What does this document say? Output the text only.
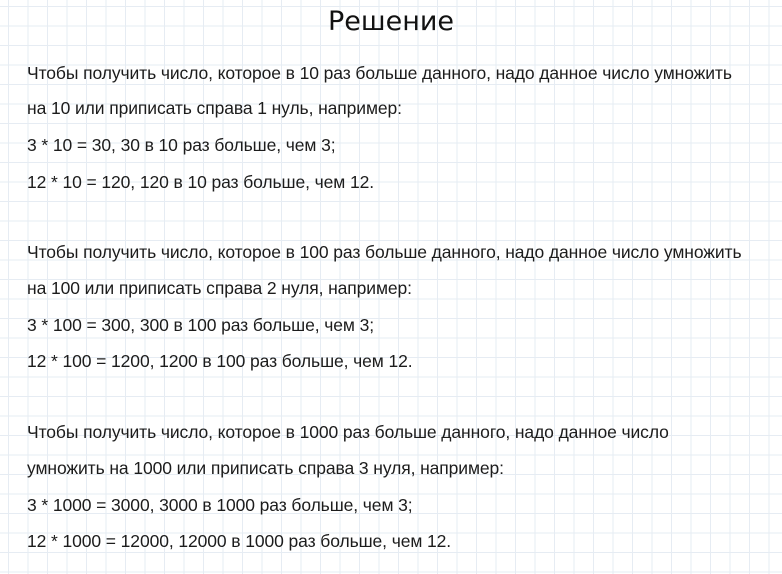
Решение
Чтобы получить число, которое в 10 раз больше данного, надо данное число умножить
на 10 или приписать справа 1 нуль, например:
3 * 10 = 30, 30 в 10 раз больше, чем 3;
12 * 10 = 120, 120 в 10 раз больше, чем 12.
Чтобы получить число, которое в 100 раз больше данного, надо данное число умножить
на 100 или приписать справа 2 нуля, например:
3 * 100 = 300, 300 в 100 раз больше, чем 3;
12 * 100 = 1200, 1200 в 100 раз больше, чем 12.
Чтобы получить число, которое в 1000 раз больше данного, надо данное число
умножить на 1000 или приписать справа 3 нуля, например:
3 * 1000 = 3000, 3000 в 1000 раз больше, чем 3;
12 * 1000 = 12000, 12000 в 1000 раз больше, чем 12.
